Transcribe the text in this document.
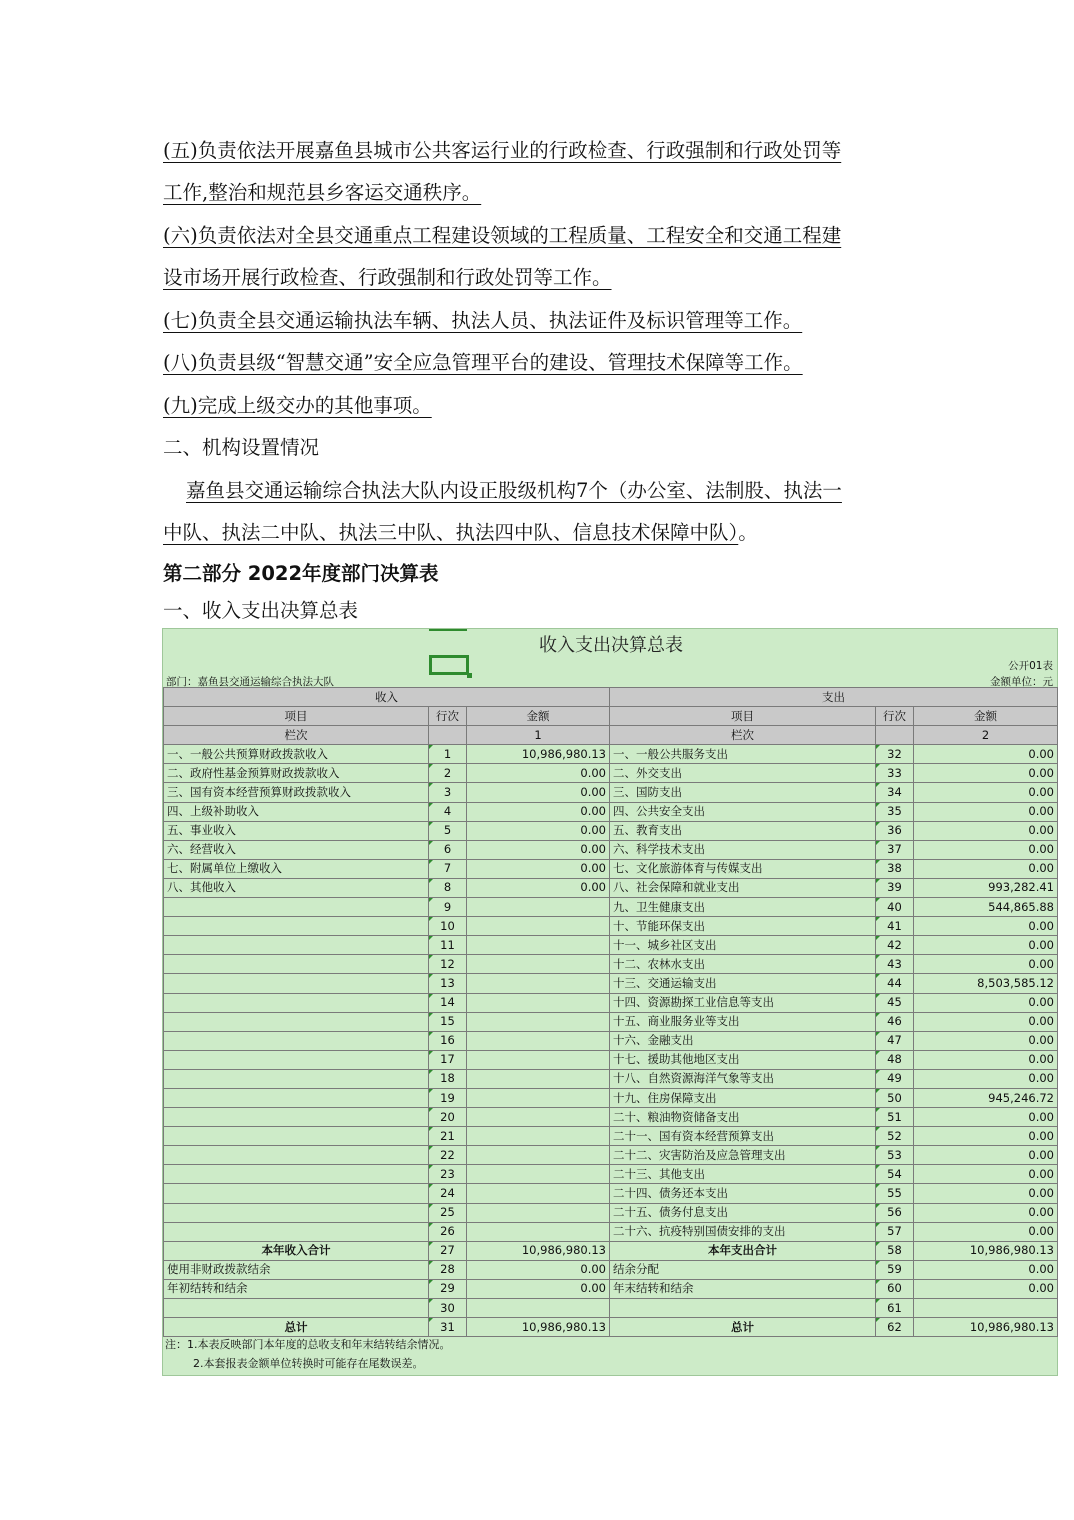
(五)负责依法开展嘉鱼县城市公共客运行业的行政检查、行政强制和行政处罚等
工作,整治和规范县乡客运交通秩序。
(六)负责依法对全县交通重点工程建设领域的工程质量、工程安全和交通工程建
设市场开展行政检查、行政强制和行政处罚等工作。
(七)负责全县交通运输执法车辆、执法人员、执法证件及标识管理等工作。
(八)负责县级“智慧交通”安全应急管理平台的建设、管理技术保障等工作。
(九)完成上级交办的其他事项。
二、机构设置情况
嘉鱼县交通运输综合执法大队内设正股级机构7个（办公室、法制股、执法一
中队、执法二中队、执法三中队、执法四中队、信息技术保障中队）。
第二部分 2022年度部门决算表
一、收入支出决算总表
收入支出决算总表
公开01表
部门：嘉鱼县交通运输综合执法大队	金额单位：元
收入			支出		
项目	行次	金额	项目	行次	金额
栏次		1	栏次		2
一、一般公共预算财政拨款收入	1	10,986,980.13	一、一般公共服务支出	32	0.00
二、政府性基金预算财政拨款收入	2	0.00	二、外交支出	33	0.00
三、国有资本经营预算财政拨款收入	3	0.00	三、国防支出	34	0.00
四、上级补助收入	4	0.00	四、公共安全支出	35	0.00
五、事业收入	5	0.00	五、教育支出	36	0.00
六、经营收入	6	0.00	六、科学技术支出	37	0.00
七、附属单位上缴收入	7	0.00	七、文化旅游体育与传媒支出	38	0.00
八、其他收入	8	0.00	八、社会保障和就业支出	39	993,282.41
	9		九、卫生健康支出	40	544,865.88
	10		十、节能环保支出	41	0.00
	11		十一、城乡社区支出	42	0.00
	12		十二、农林水支出	43	0.00
	13		十三、交通运输支出	44	8,503,585.12
	14		十四、资源勘探工业信息等支出	45	0.00
	15		十五、商业服务业等支出	46	0.00
	16		十六、金融支出	47	0.00
	17		十七、援助其他地区支出	48	0.00
	18		十八、自然资源海洋气象等支出	49	0.00
	19		十九、住房保障支出	50	945,246.72
	20		二十、粮油物资储备支出	51	0.00
	21		二十一、国有资本经营预算支出	52	0.00
	22		二十二、灾害防治及应急管理支出	53	0.00
	23		二十三、其他支出	54	0.00
	24		二十四、债务还本支出	55	0.00
	25		二十五、债务付息支出	56	0.00
	26		二十六、抗疫特别国债安排的支出	57	0.00
本年收入合计	27	10,986,980.13	本年支出合计	58	10,986,980.13
使用非财政拨款结余	28	0.00	结余分配	59	0.00
年初结转和结余	29	0.00	年末结转和结余	60	0.00
	30			61	
总计	31	10,986,980.13	总计	62	10,986,980.13
注：1.本表反映部门本年度的总收支和年末结转结余情况。
2.本套报表金额单位转换时可能存在尾数误差。
